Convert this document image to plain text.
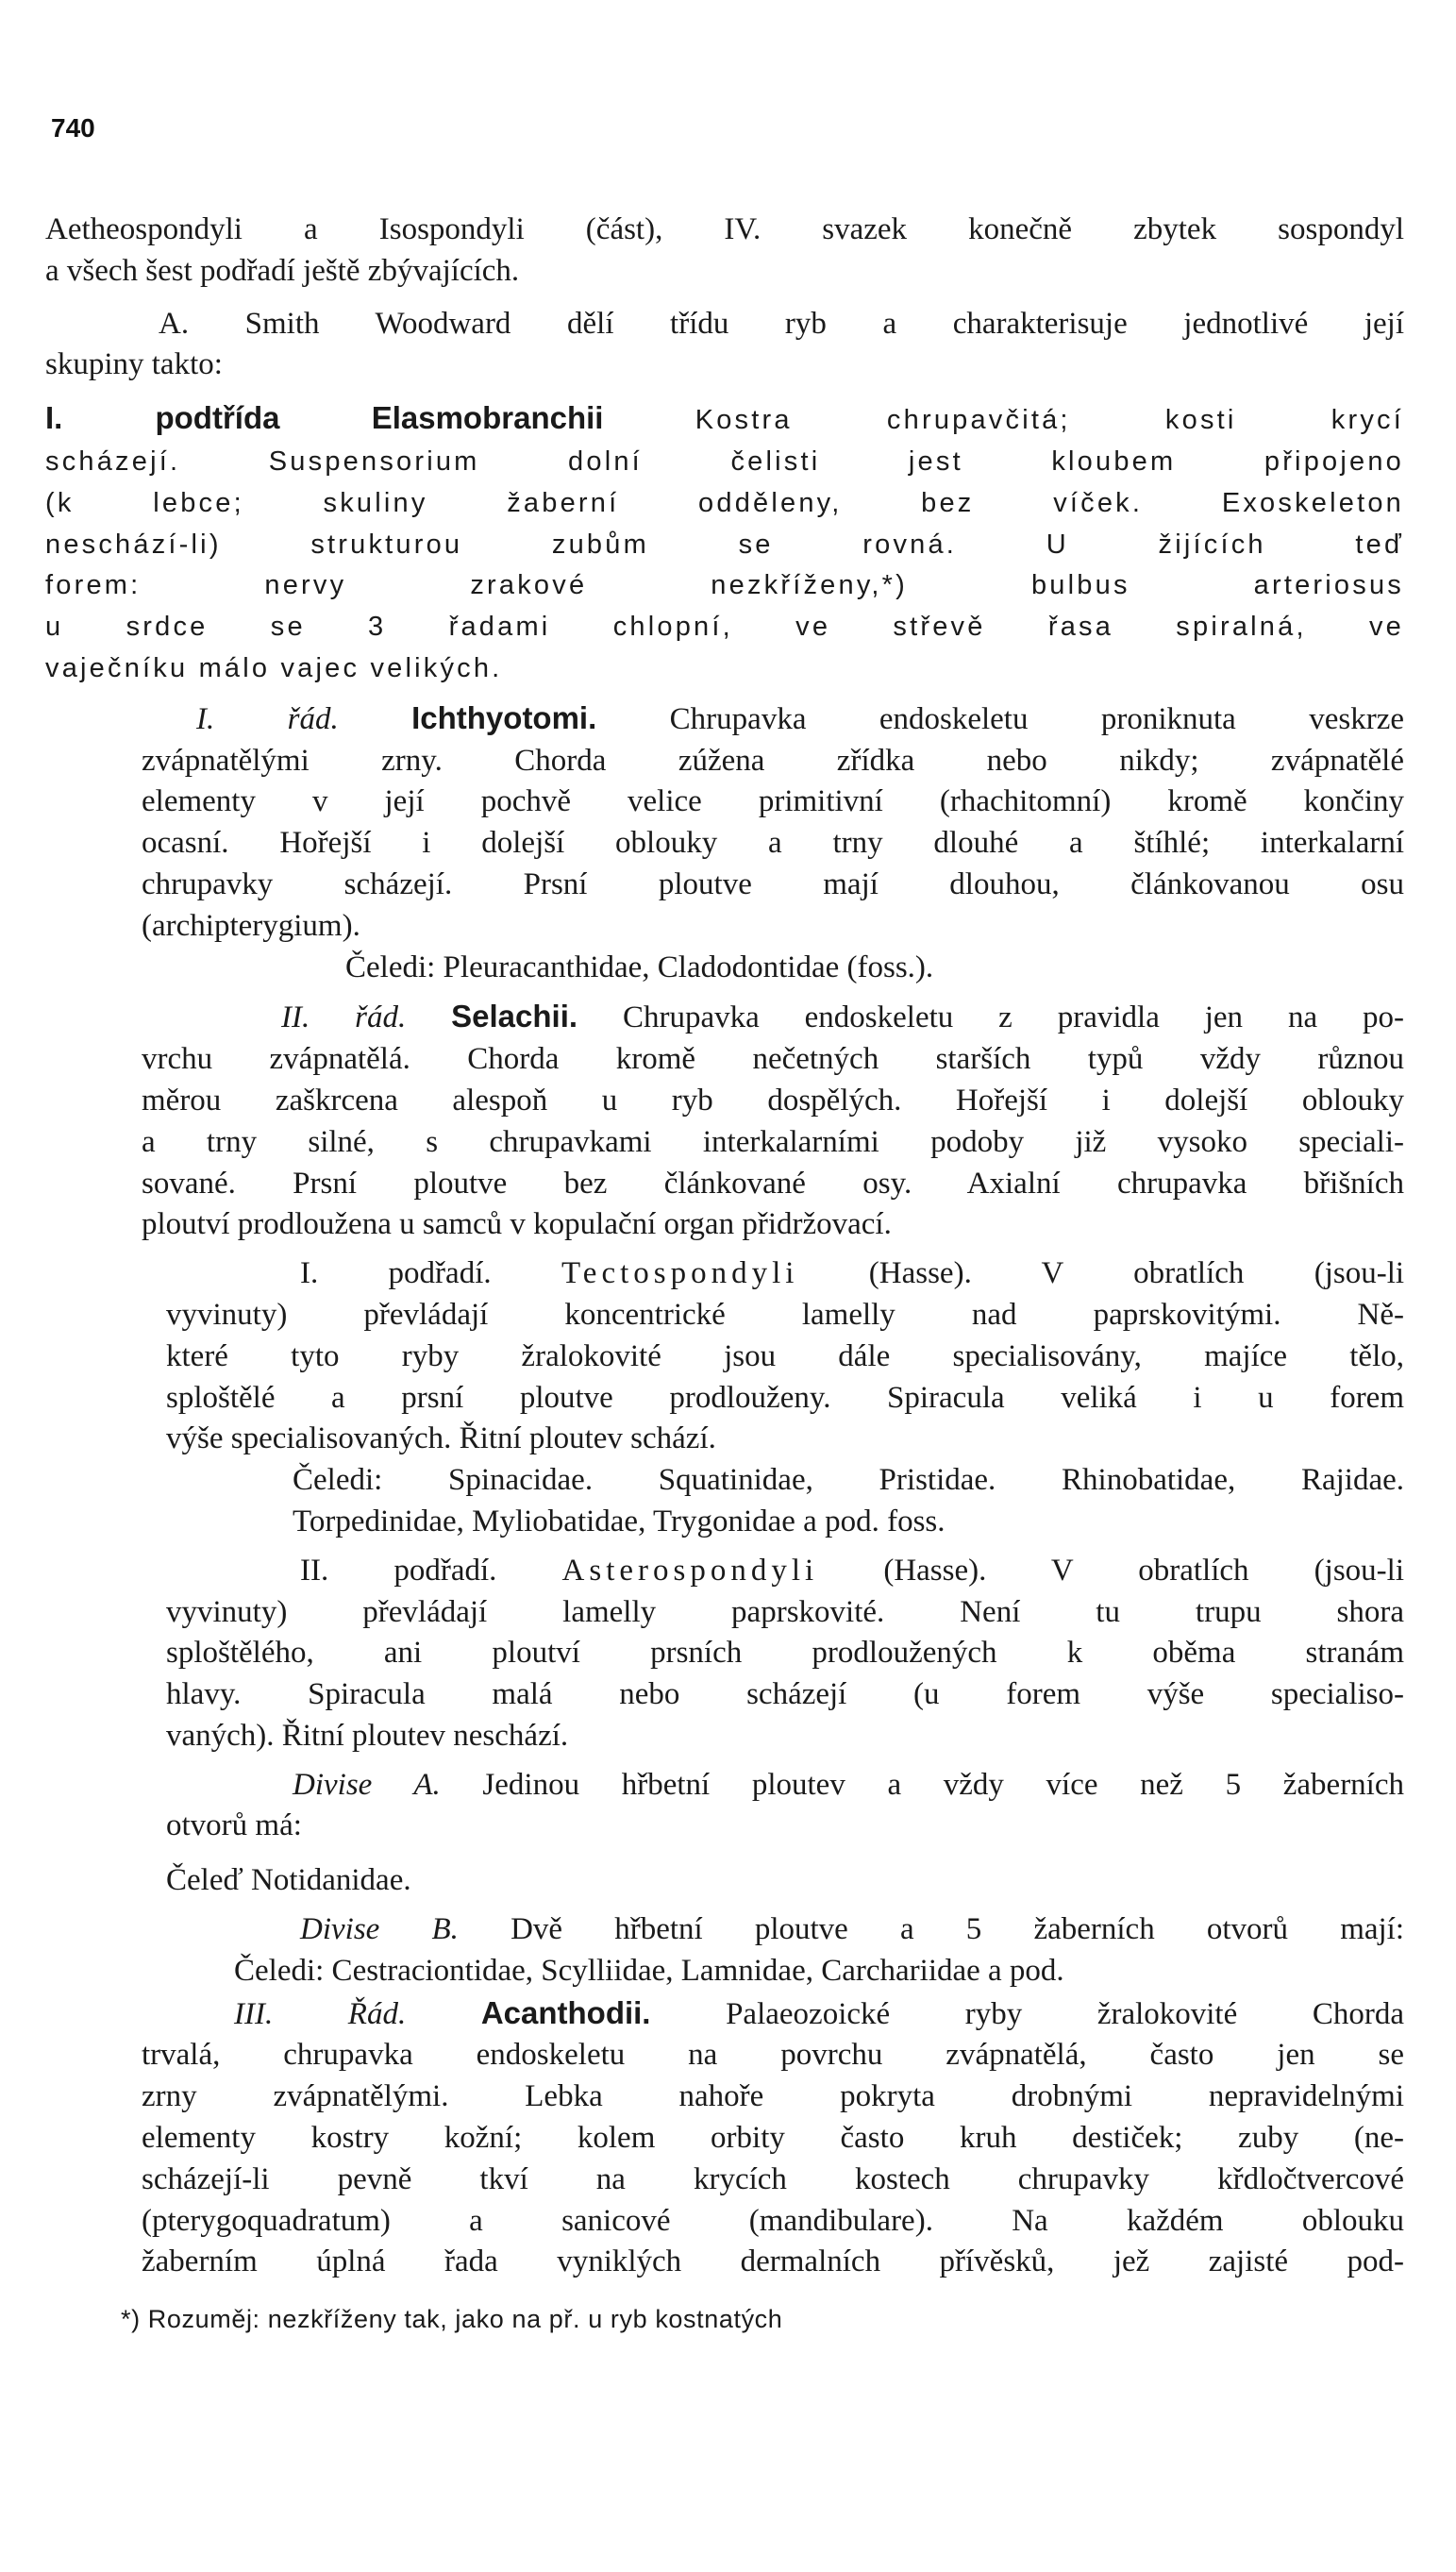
740
Aetheospondyli a Isospondyli (část), IV. svazek konečně zbytek sospondyl
a všech šest podřadí ještě zbývajících.
A. Smith Woodward dělí třídu ryb a charakterisuje jednotlivé její
skupiny takto:
I. podtřída	Elasmobranchii	Kostra chrupavčitá; kosti krycí
scházejí. Suspensorium dolní čelisti jest kloubem připojeno
(k lebce; skuliny žaberní odděleny, bez víček. Exoskeleton
neschází-li) strukturou zubům se rovná. U žijících teď
forem: nervy zrakové nezkříženy,*) bulbus arteriosus
u srdce se 3 řadami chlopní, ve střevě řasa spiralná, ve
vaječníku málo vajec velikých.
I. řád. Ichthyotomi. Chrupavka endoskeletu proniknuta veskrze
zvápnatělými zrny. Chorda zúžena zřídka nebo nikdy; zvápnatělé
elementy v její pochvě velice primitivní (rhachitomní) kromě končiny
ocasní. Hořejší i dolejší oblouky a trny dlouhé a štíhlé; interkalarní
chrupavky scházejí. Prsní ploutve mají dlouhou, článkovanou osu
(archipterygium).
Čeledi: Pleuracanthidae, Cladodontidae (foss.).
II. řád. Selachii. Chrupavka endoskeletu z pravidla jen na po-
vrchu zvápnatělá. Chorda kromě nečetných starších typů vždy různou
měrou zaškrcena alespoň u ryb dospělých. Hořejší i dolejší oblouky
a trny silné, s chrupavkami interkalarními podoby již vysoko speciali-
sované. Prsní ploutve bez článkované osy. Axialní chrupavka břišních
ploutví prodloužena u samců v kopulační organ přidržovací.
I. podřadí. Tectospondyli (Hasse). V obratlích (jsou-li
vyvinuty) převládají koncentrické lamelly nad paprskovitými. Ně-
které tyto ryby žralokovité jsou dále specialisovány, majíce tělo,
sploštělé a prsní ploutve prodlouženy. Spiracula veliká i u forem
výše specialisovaných. Řitní ploutev schází.
Čeledi: Spinacidae. Squatinidae, Pristidae. Rhinobatidae, Rajidae.
Torpedinidae, Myliobatidae, Trygonidae a pod. foss.
II. podřadí. Asterospondyli (Hasse). V obratlích (jsou-li
vyvinuty) převládají lamelly paprskovité. Není tu trupu shora
sploštělého, ani ploutví prsních prodloužených k oběma stranám
hlavy. Spiracula malá nebo scházejí (u forem výše specialiso-
vaných). Řitní ploutev neschází.
Divise A. Jedinou hřbetní ploutev a vždy více než 5 žaberních
otvorů má:
Čeleď Notidanidae.
Divise B. Dvě hřbetní ploutve a 5 žaberních otvorů mají:
Čeledi: Cestraciontidae, Scylliidae, Lamnidae, Carchariidae a pod.
III. Řád. Acanthodii. Palaeozoické ryby žralokovité Chorda
trvalá, chrupavka endoskeletu na povrchu zvápnatělá, často jen se
zrny zvápnatělými. Lebka nahoře pokryta drobnými nepravidelnými
elementy kostry kožní; kolem orbity často kruh destiček; zuby (ne-
scházejí-li pevně tkví na krycích kostech chrupavky křdločtvercové
(pterygoquadratum) a sanicové (mandibulare). Na každém oblouku
žaberním úplná řada vyniklých dermalních přívěsků, jež zajisté pod-
*) Rozuměj: nezkříženy tak, jako na př. u ryb kostnatých
